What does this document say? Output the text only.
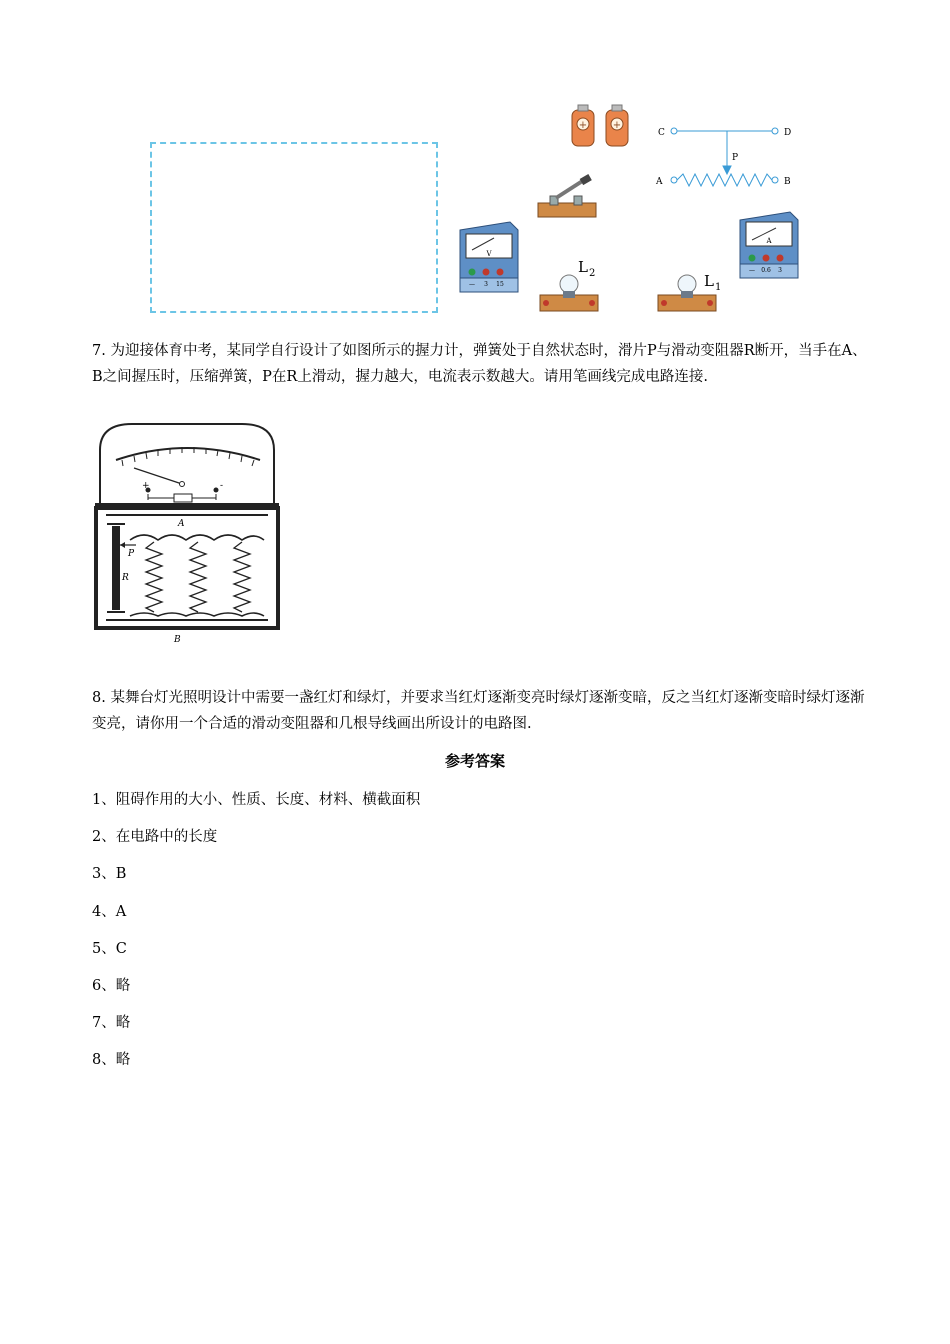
+	+
V
— 3 15
L 2	L 1
A
— 0.6 3
C	D
P
A	B
7. 为迎接体育中考，某同学自行设计了如图所示的握力计，弹簧处于自然状态时，滑片P与滑动变阻器R断开，当手在A、B之间握压时，压缩弹簧，P在R上滑动，握力越大，电流表示数越大。请用笔画线完成电路连接.
+	-
A
P
R
B
8. 某舞台灯光照明设计中需要一盏红灯和绿灯，并要求当红灯逐渐变亮时绿灯逐渐变暗，反之当红灯逐渐变暗时绿灯逐渐变亮，请你用一个合适的滑动变阻器和几根导线画出所设计的电路图.
参考答案
1、阻碍作用的大小、性质、长度、材料、横截面积
2、在电路中的长度
3、B
4、A
5、C
6、略
7、略
8、略
